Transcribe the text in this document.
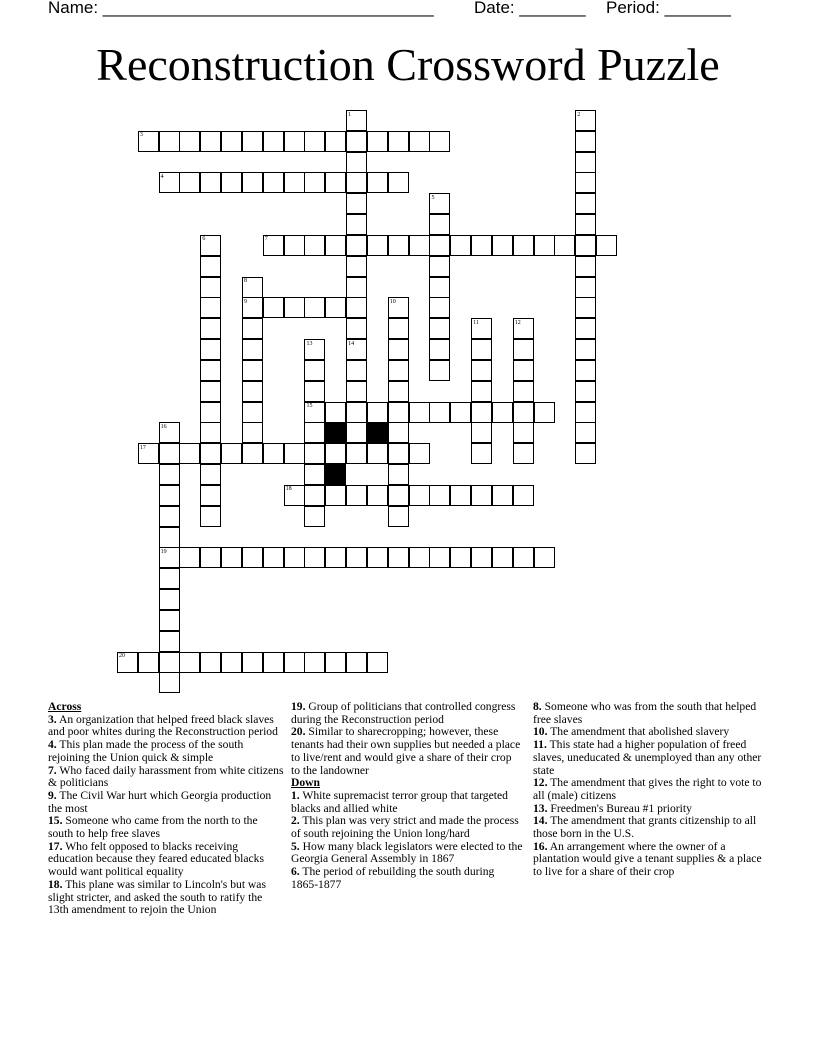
Name: ___________________________________ Date: _______ Period: _______
Reconstruction Crossword Puzzle
1	2
3
4
5
6	7
8
9	10
11	12
13	14
15
16
17
18
19
20

Across

3. An organization that helped freed black slaves and poor whites during the Reconstruction period

4. This plan made the process of the south rejoining the Union quick & simple

7. Who faced daily harassment from white citizens & politicians

9. The Civil War hurt which Georgia production the most

15. Someone who came from the north to the south to help free slaves

17. Who felt opposed to blacks receiving education because they feared educated blacks would want political equality

18. This plane was similar to Lincoln's but was slight stricter, and asked the south to ratify the 13th amendment to rejoin the Union

19. Group of politicians that controlled congress during the Reconstruction period

20. Similar to sharecropping; however, these tenants had their own supplies but needed a place to live/rent and would give a share of their crop to the landowner

Down

1. White supremacist terror group that targeted blacks and allied white

2. This plan was very strict and made the process of south rejoining the Union long/hard

5. How many black legislators were elected to the Georgia General Assembly in 1867

6. The period of rebuilding the south during 1865-1877

8. Someone who was from the south that helped free slaves

10. The amendment that abolished slavery

11. This state had a higher population of freed slaves, uneducated & unemployed than any other state

12. The amendment that gives the right to vote to all (male) citizens

13. Freedmen's Bureau #1 priority

14. The amendment that grants citizenship to all those born in the U.S.

16. An arrangement where the owner of a plantation would give a tenant supplies & a place to live for a share of their crop
